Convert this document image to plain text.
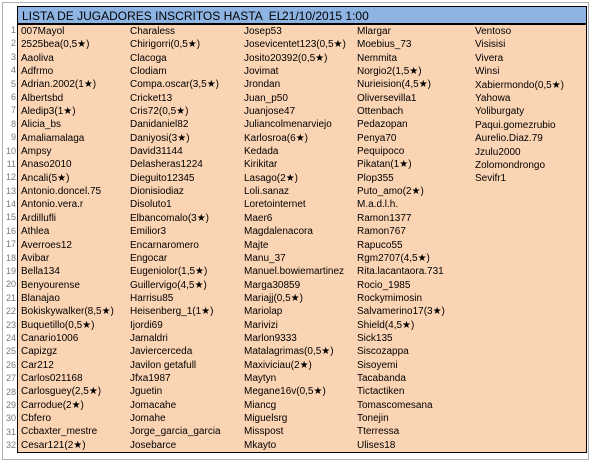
LISTA DE JUGADORES INSCRITOS HASTA  EL

21/10/2015 1:00

1
2
3
4
5
6
7
8
9
10
11
12
13
14
15
16
17
18
19
20
21
22
23
24
25
26
27
28
29
30
31
32
007Mayol
2525bea(0,5★)
Aaoliva
Adfrmo
Adrian.2002(1★)
Albertsbd
Aledip3(1★)
Alicia_bs
Amaliamalaga
Ampsy
Anaso2010
Ancali(5★)
Antonio.doncel.75
Antonio.vera.r
Ardillufli
Athlea
Averroes12
Avibar
Bella134
Benyourense
Blanajao
Bokiskywalker(8,5★)
Buquetillo(0,5★)
Canario1006
Capizgz
Car212
Carlos021168
Carlosguey(2,5★)
Carrodue(2★)
Cbfero
Ccbaxter_mestre
Cesar121(2★)
Charaless
Chirigorri(0,5★)
Clacoga
Clodiam
Compa.oscar(3,5★)
Cricket13
Cris72(0,5★)
Danidaniel82
Daniyosi(3★)
David31144
Delasheras1224
Dieguito12345
Dionisiodiaz
Disoluto1
Elbancomalo(3★)
Emilior3
Encarnaromero
Engocar
Eugeniolor(1,5★)
Guillervigo(4,5★)
Harrisu85
Heisenberg_1(1★)
Ijordi69
Jamaldri
Javiercerceda
Javilon getafull
Jfxa1987
Jguetin
Jomacahe
Jomahe
Jorge_garcia_garcia
Josebarce
Josep53
Josevicentet123(0,5★)
Josito20392(0,5★)
Jovimat
Jrondan
Juan_p50
Juanjose47
Juliancolmenarviejo
Karlosroa(6★)
Kedada
Kirikitar
Lasago(2★)
Loli.sanaz
Loretointernet
Maer6
Magdalenacora
Majte
Manu_37
Manuel.bowiemartinez
Marga30859
Mariajj(0,5★)
Mariolap
Marivizi
Marlon9333
Matalagrimas(0,5★)
Maxiviciau(2★)
Maytyn
Megane16v(0,5★)
Miancg
Miguelsrg
Misspost
Mkayto
Mlargar
Moebius_73
Nemmita
Norgio2(1,5★)
Nurieision(4,5★)
Oliversevilla1
Ottenbach
Pedazopan
Penya70
Pequipoco
Pikatan(1★)
Plop355
Puto_amo(2★)
M.a.d.l.h.
Ramon1377
Ramon767
Rapuco55
Rgm2707(4,5★)
Rita.lacantaora.731
Rocio_1985
Rockymimosin
Salvamerino17(3★)
Shield(4,5★)
Sick135
Siscozappa
Sisoyemi
Tacabanda
Tictactiken
Tomascomesana
Tonejin
Tterressa
Ulises18
Ventoso
Visisisi
Vivera
Winsi
Xabiermondo(0,5★)
Yahowa
Yoliburgaty
Paqui.gomezrubio
Aurelio.Diaz.79
Jzulu2000
Zolomondrongo
Sevifr1
